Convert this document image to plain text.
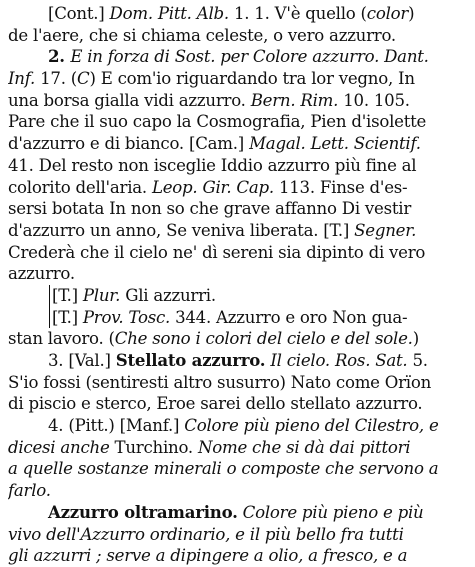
[Cont.] Dom. Pitt. Alb. 1. 1. V'è quello (color)
de l'aere, che si chiama celeste, o vero azzurro.
2. E in forza di Sost. per Colore azzurro. Dant.
Inf. 17. (C) E com'io riguardando tra lor vegno, In
una borsa gialla vidi azzurro. Bern. Rim. 10. 105.
Pare che il suo capo la Cosmografia, Pien d'isolette
d'azzurro e di bianco. [Cam.] Magal. Lett. Scientif.
41. Del resto non isceglie Iddio azzurro più fine al
colorito dell'aria. Leop. Gir. Cap. 113. Finse d'es-
sersi botata In non so che grave affanno Di vestir
d'azzurro un anno, Se veniva liberata. [T.] Segner.
Crederà che il cielo ne' dì sereni sia dipinto di vero
azzurro.
[T.] Plur. Gli azzurri.
[T.] Prov. Tosc. 344. Azzurro e oro Non gua-
stan lavoro. (Che sono i colori del cielo e del sole.)
3. [Val.] Stellato azzurro. Il cielo. Ros. Sat. 5.
S'io fossi (sentiresti altro susurro) Nato come Orïon
di piscio e sterco, Eroe sarei dello stellato azzurro.
4. (Pitt.) [Manf.] Colore più pieno del Cilestro, e
dicesi anche Turchino. Nome che si dà dai pittori
a quelle sostanze minerali o composte che servono a
farlo.
Azzurro oltramarino. Colore più pieno e più
vivo dell'Azzurro ordinario, e il più bello fra tutti
gli azzurri ; serve a dipingere a olio, a fresco, e a
